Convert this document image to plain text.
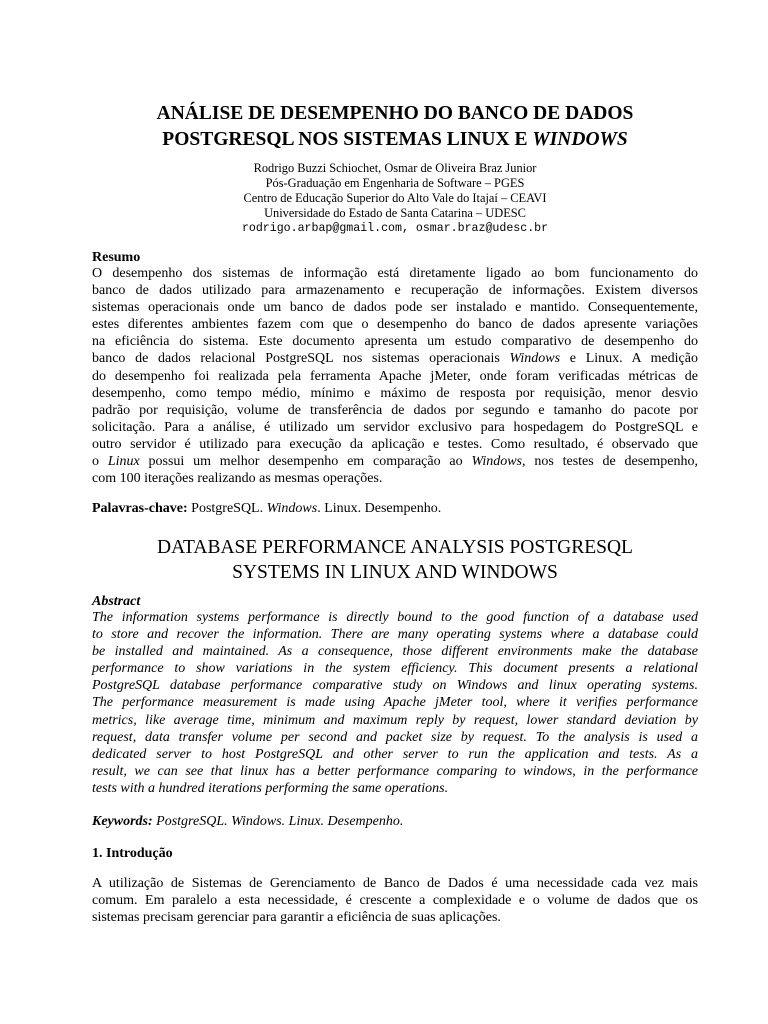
ANÁLISE DE DESEMPENHO DO BANCO DE DADOS
POSTGRESQL NOS SISTEMAS LINUX E WINDOWS
Rodrigo Buzzi Schiochet, Osmar de Oliveira Braz Junior
Pós-Graduação em Engenharia de Software – PGES
Centro de Educação Superior do Alto Vale do Itajaí – CEAVI
Universidade do Estado de Santa Catarina – UDESC
rodrigo.arbap@gmail.com, osmar.braz@udesc.br
Resumo
O desempenho dos sistemas de informação está diretamente ligado ao bom funcionamento do
banco de dados utilizado para armazenamento e recuperação de informações. Existem diversos
sistemas operacionais onde um banco de dados pode ser instalado e mantido. Consequentemente,
estes diferentes ambientes fazem com que o desempenho do banco de dados apresente variações
na eficiência do sistema. Este documento apresenta um estudo comparativo de desempenho do
banco de dados relacional PostgreSQL nos sistemas operacionais Windows e Linux. A medição
do desempenho foi realizada pela ferramenta Apache jMeter, onde foram verificadas métricas de
desempenho, como tempo médio, mínimo e máximo de resposta por requisição, menor desvio
padrão por requisição, volume de transferência de dados por segundo e tamanho do pacote por
solicitação. Para a análise, é utilizado um servidor exclusivo para hospedagem do PostgreSQL e
outro servidor é utilizado para execução da aplicação e testes. Como resultado, é observado que
o Linux possui um melhor desempenho em comparação ao Windows, nos testes de desempenho,
com 100 iterações realizando as mesmas operações.
Palavras-chave: PostgreSQL. Windows. Linux. Desempenho.
DATABASE PERFORMANCE ANALYSIS POSTGRESQL
SYSTEMS IN LINUX AND WINDOWS
Abstract
The information systems performance is directly bound to the good function of a database used
to store and recover the information. There are many operating systems where a database could
be installed and maintained. As a consequence, those different environments make the database
performance to show variations in the system efficiency. This document presents a relational
PostgreSQL database performance comparative study on Windows and linux operating systems.
The performance measurement is made using Apache jMeter tool, where it verifies performance
metrics, like average time, minimum and maximum reply by request, lower standard deviation by
request, data transfer volume per second and packet size by request. To the analysis is used a
dedicated server to host PostgreSQL and other server to run the application and tests. As a
result, we can see that linux has a better performance comparing to windows, in the performance
tests with a hundred iterations performing the same operations.
Keywords: PostgreSQL. Windows. Linux. Desempenho.
1. Introdução
A utilização de Sistemas de Gerenciamento de Banco de Dados é uma necessidade cada vez mais
comum. Em paralelo a esta necessidade, é crescente a complexidade e o volume de dados que os
sistemas precisam gerenciar para garantir a eficiência de suas aplicações.
